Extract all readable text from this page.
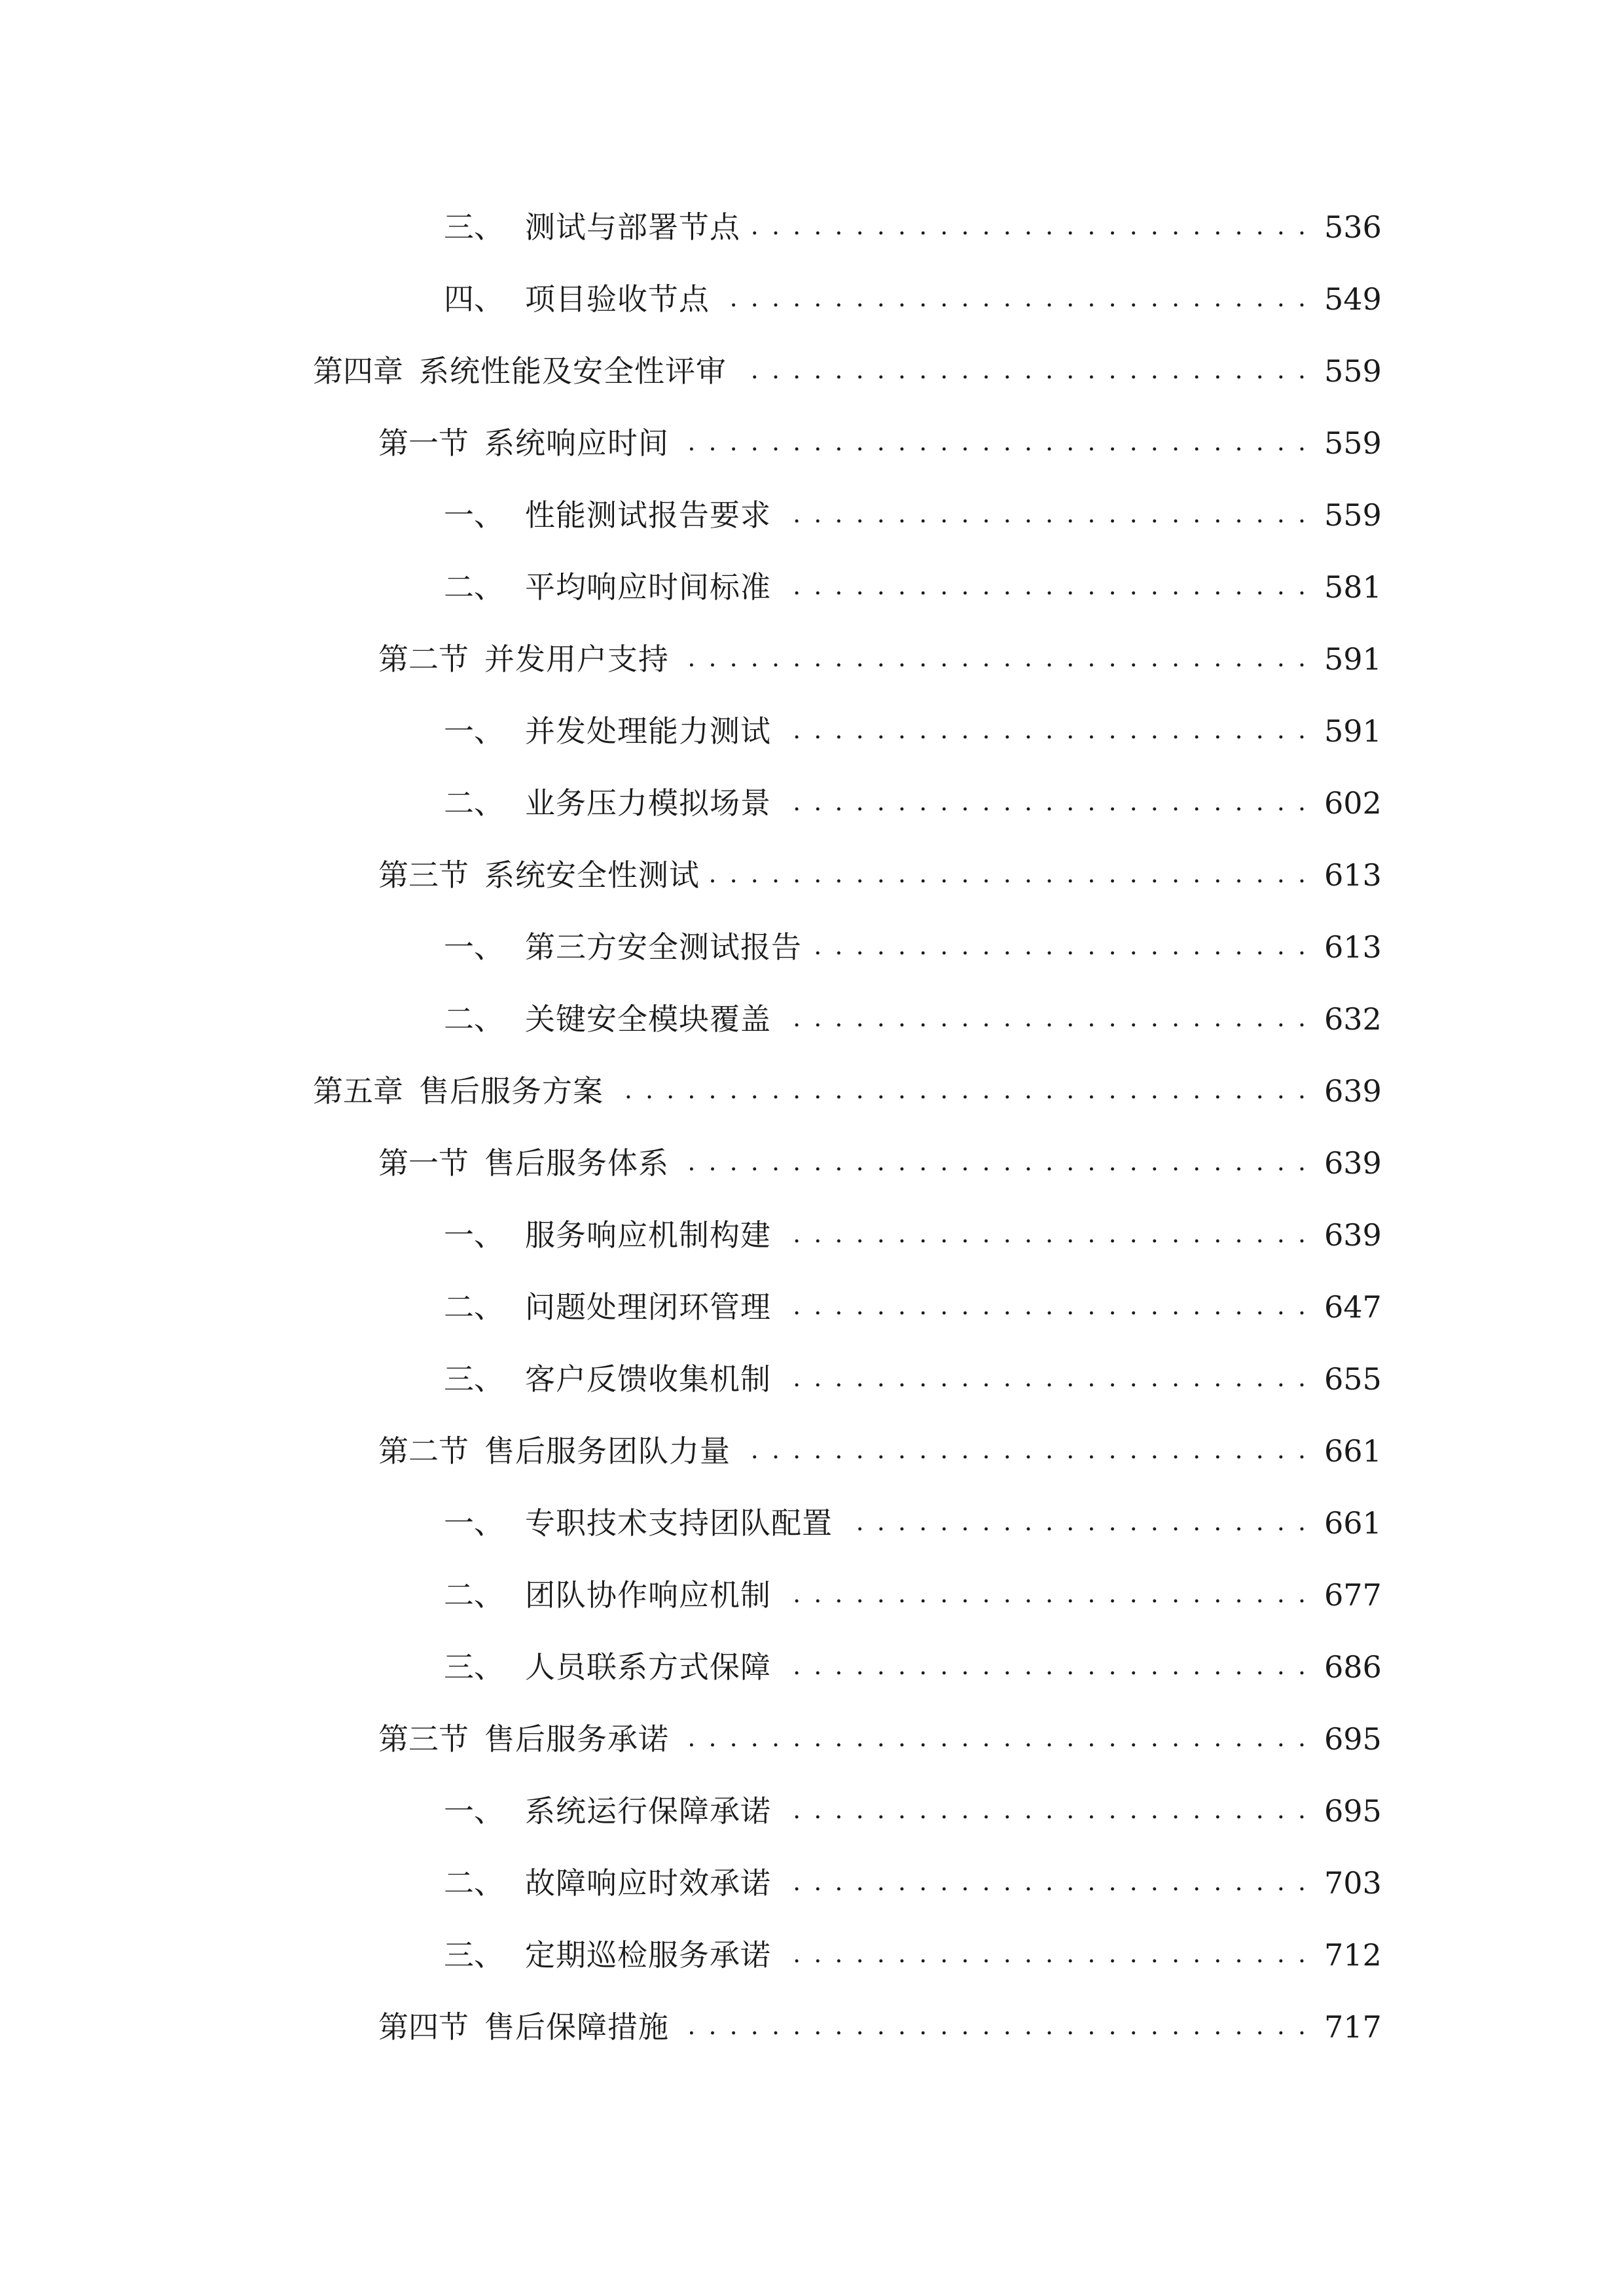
三、 测试与部署节点 . . .	536
四、 项目验收节点 . . .	549
第四章 系统性能及安全性评审 . . .	559
第一节 系统响应时间 . . .	559
一、 性能测试报告要求 . . .	559
二、 平均响应时间标准 . . .	581
第二节 并发用户支持 . . .	591
一、 并发处理能力测试 . . .	591
二、 业务压力模拟场景 . . .	602
第三节 系统安全性测试 . . .	613
一、 第三方安全测试报告 . . .	613
二、 关键安全模块覆盖 . . .	632
第五章 售后服务方案 . . .	639
第一节 售后服务体系 . . .	639
一、 服务响应机制构建 . . .	639
二、 问题处理闭环管理 . . .	647
三、 客户反馈收集机制 . . .	655
第二节 售后服务团队力量 . . .	661
一、 专职技术支持团队配置 . . .	661
二、 团队协作响应机制 . . .	677
三、 人员联系方式保障 . . .	686
第三节 售后服务承诺 . . .	695
一、 系统运行保障承诺 . . .	695
二、 故障响应时效承诺 . . .	703
三、 定期巡检服务承诺 . . .	712
第四节 售后保障措施 . . .	717
